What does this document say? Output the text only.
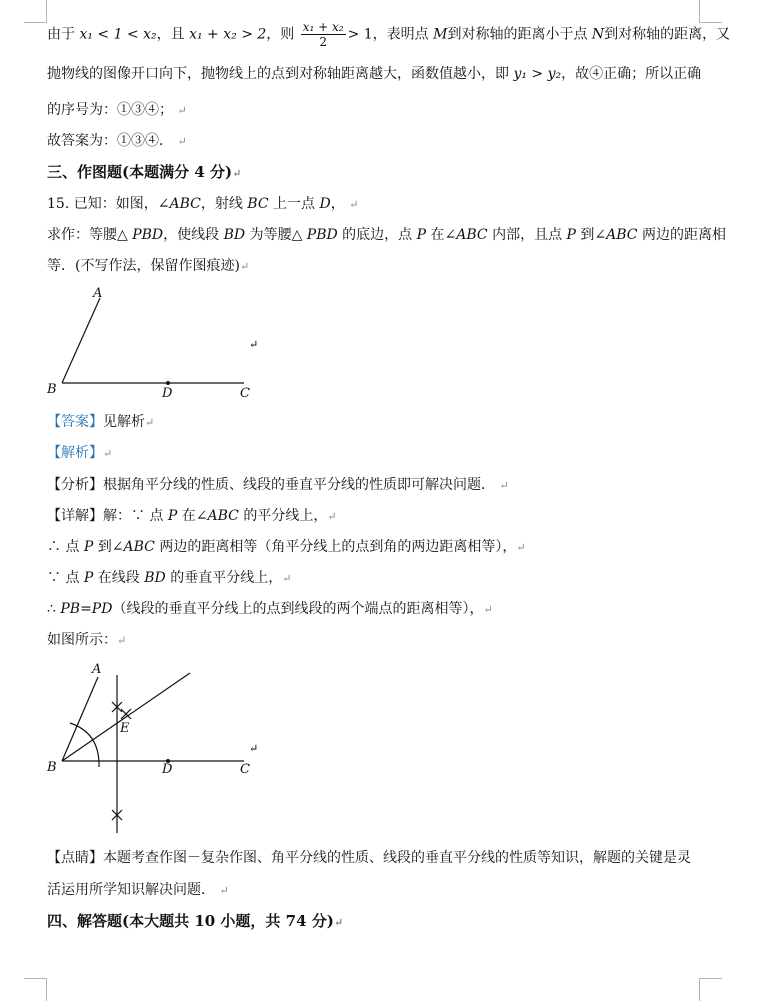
由于 x₁ < 1 < x₂，且 x₁ + x₂ > 2，则 $\frac{\text{x₁ + x₂}}{2} > 1$，表明点 M到对称轴的距离小于点 N到对称轴的距离，又
抛物线的图像开口向下，抛物线上的点到对称轴距离越大，函数值越小，即 y₁ > y₂，故④正确；所以正确
的序号为：①③④； ↵
故答案为：①③④． ↵
三、作图题(本题满分 4 分)↵
15. 已知：如图，∠ABC，射线 BC 上一点 D， ↵
求作：等腰△ PBD，使线段 BD 为等腰△ PBD 的底边，点 P 在∠ABC 内部，且点 P 到∠ABC 两边的距离相
等．(不写作法，保留作图痕迹)↵
A
B	D	C
↵
【答案】见解析↵
【解析】↵
【分析】根据角平分线的性质、线段的垂直平分线的性质即可解决问题． ↵
【详解】解：∵ 点 P 在∠ABC 的平分线上，↵
∴ 点 P 到∠ABC 两边的距离相等（角平分线上的点到角的两边距离相等），↵
∵ 点 P 在线段 BD 的垂直平分线上，↵
∴ PB=PD（线段的垂直平分线上的点到线段的两个端点的距离相等），↵
如图所示：↵
A
B
E
D	C
↵
【点睛】本题考查作图－复杂作图、角平分线的性质、线段的垂直平分线的性质等知识，解题的关键是灵
活运用所学知识解决问题． ↵
四、解答题(本大题共 10 小题，共 74 分)↵
